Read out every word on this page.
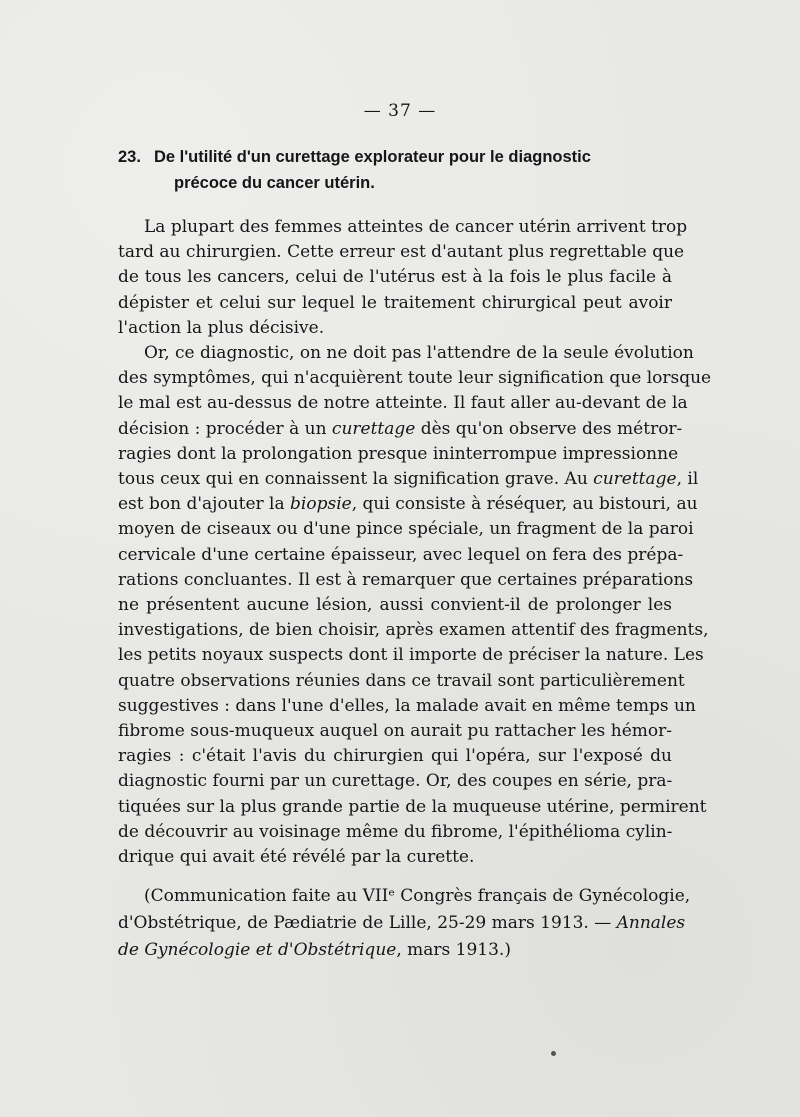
— 37 —
23. De l'utilité d'un curettage explorateur pour le diagnostic
précoce du cancer utérin.
La plupart des femmes atteintes de cancer utérin arrivent trop
tard au chirurgien. Cette erreur est d'autant plus regrettable que
de tous les cancers, celui de l'utérus est à la fois le plus facile à
dépister et celui sur lequel le traitement chirurgical peut avoir
l'action la plus décisive.
Or, ce diagnostic, on ne doit pas l'attendre de la seule évolution
des symptômes, qui n'acquièrent toute leur signification que lorsque
le mal est au-dessus de notre atteinte. Il faut aller au-devant de la
décision : procéder à un curettage dès qu'on observe des métror-
ragies dont la prolongation presque ininterrompue impressionne
tous ceux qui en connaissent la signification grave. Au curettage, il
est bon d'ajouter la biopsie, qui consiste à réséquer, au bistouri, au
moyen de ciseaux ou d'une pince spéciale, un fragment de la paroi
cervicale d'une certaine épaisseur, avec lequel on fera des prépa-
rations concluantes. Il est à remarquer que certaines préparations
ne présentent aucune lésion, aussi convient-il de prolonger les
investigations, de bien choisir, après examen attentif des fragments,
les petits noyaux suspects dont il importe de préciser la nature. Les
quatre observations réunies dans ce travail sont particulièrement
suggestives : dans l'une d'elles, la malade avait en même temps un
fibrome sous-muqueux auquel on aurait pu rattacher les hémor-
ragies : c'était l'avis du chirurgien qui l'opéra, sur l'exposé du
diagnostic fourni par un curettage. Or, des coupes en série, pra-
tiquées sur la plus grande partie de la muqueuse utérine, permirent
de découvrir au voisinage même du fibrome, l'épithélioma cylin-
drique qui avait été révélé par la curette.
(Communication faite au VIIᵉ Congrès français de Gynécologie,
d'Obstétrique, de Pædiatrie de Lille, 25-29 mars 1913. — Annales
de Gynécologie et d'Obstétrique, mars 1913.)
